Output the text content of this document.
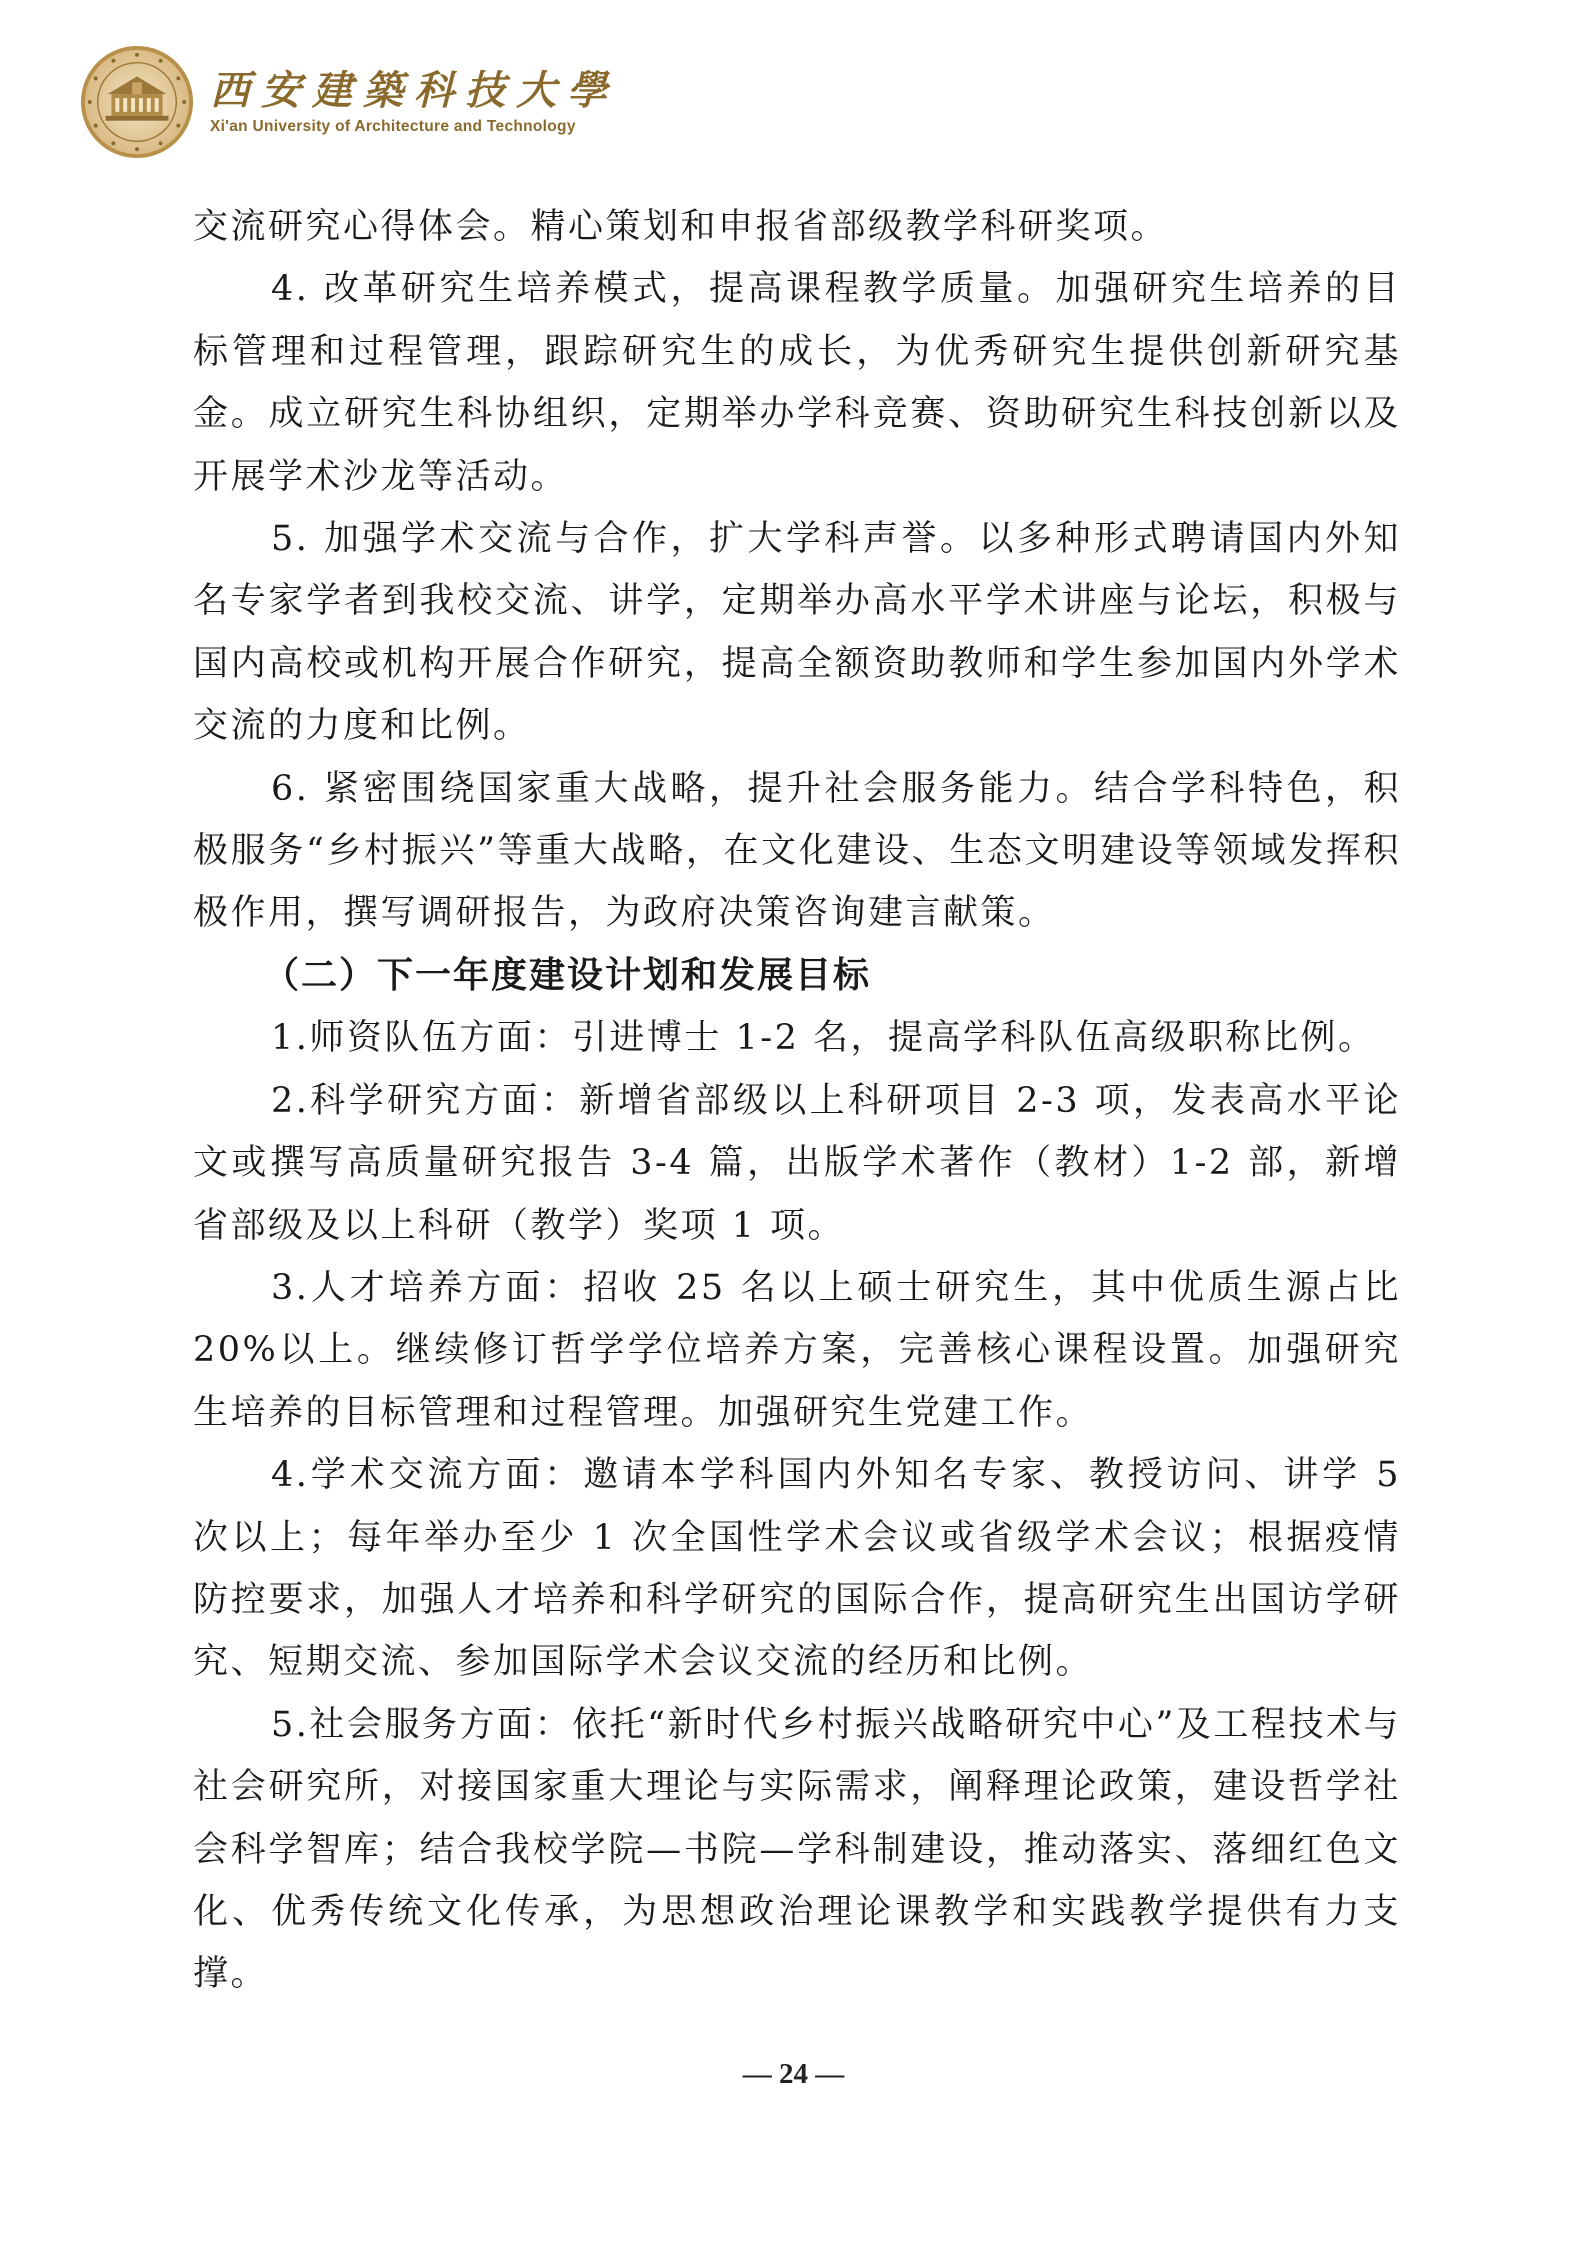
西安建築科技大學
Xi'an University of Architecture and Technology

交流研究心得体会。精心策划和申报省部级教学科研奖项。

4. 改革研究生培养模式，提高课程教学质量。加强研究生培养的目标管理和过程管理，跟踪研究生的成长，为优秀研究生提供创新研究基金。成立研究生科协组织，定期举办学科竞赛、资助研究生科技创新以及开展学术沙龙等活动。

5. 加强学术交流与合作，扩大学科声誉。以多种形式聘请国内外知名专家学者到我校交流、讲学，定期举办高水平学术讲座与论坛，积极与国内高校或机构开展合作研究，提高全额资助教师和学生参加国内外学术交流的力度和比例。

6. 紧密围绕国家重大战略，提升社会服务能力。结合学科特色，积极服务“乡村振兴”等重大战略，在文化建设、生态文明建设等领域发挥积极作用，撰写调研报告，为政府决策咨询建言献策。

（二）下一年度建设计划和发展目标

1.师资队伍方面：引进博士 1-2 名，提高学科队伍高级职称比例。

2.科学研究方面：新增省部级以上科研项目 2-3 项，发表高水平论文或撰写高质量研究报告 3-4 篇，出版学术著作（教材）1-2 部，新增省部级及以上科研（教学）奖项 1 项。

3.人才培养方面：招收 25 名以上硕士研究生，其中优质生源占比 20%以上。继续修订哲学学位培养方案，完善核心课程设置。加强研究生培养的目标管理和过程管理。加强研究生党建工作。

4.学术交流方面：邀请本学科国内外知名专家、教授访问、讲学 5 次以上；每年举办至少 1 次全国性学术会议或省级学术会议；根据疫情防控要求，加强人才培养和科学研究的国际合作，提高研究生出国访学研究、短期交流、参加国际学术会议交流的经历和比例。

5.社会服务方面：依托“新时代乡村振兴战略研究中心”及工程技术与社会研究所，对接国家重大理论与实际需求，阐释理论政策，建设哲学社会科学智库；结合我校学院—书院—学科制建设，推动落实、落细红色文化、优秀传统文化传承，为思想政治理论课教学和实践教学提供有力支撑。

— 24 —
